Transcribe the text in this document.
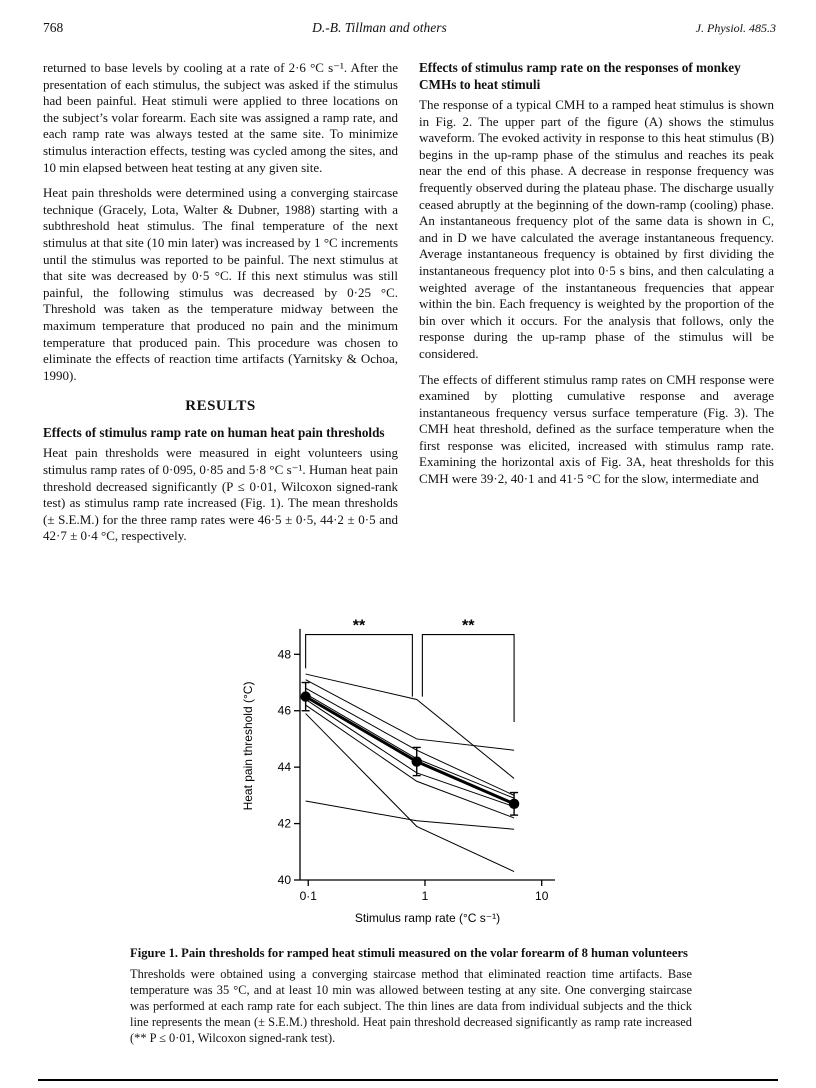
768	D.-B. Tillman and others	J. Physiol. 485.3

returned to base levels by cooling at a rate of 2·6 °C s⁻¹. After the presentation of each stimulus, the subject was asked if the stimulus had been painful. Heat stimuli were applied to three locations on the subject’s volar forearm. Each site was assigned a ramp rate, and each ramp rate was always tested at the same site. To minimize stimulus interaction effects, testing was cycled among the sites, and 10 min elapsed between heat testing at any given site.

Heat pain thresholds were determined using a converging staircase technique (Gracely, Lota, Walter & Dubner, 1988) starting with a subthreshold heat stimulus. The final temperature of the next stimulus at that site (10 min later) was increased by 1 °C increments until the stimulus was reported to be painful. The next stimulus at that site was decreased by 0·5 °C. If this next stimulus was still painful, the following stimulus was decreased by 0·25 °C. Threshold was taken as the temperature midway between the maximum temperature that produced no pain and the minimum temperature that produced pain. This procedure was chosen to eliminate the effects of reaction time artifacts (Yarnitsky & Ochoa, 1990).

RESULTS
Effects of stimulus ramp rate on human heat pain thresholds

Heat pain thresholds were measured in eight volunteers using stimulus ramp rates of 0·095, 0·85 and 5·8 °C s⁻¹. Human heat pain threshold decreased significantly (P ≤ 0·01, Wilcoxon signed-rank test) as stimulus ramp rate increased (Fig. 1). The mean thresholds (± S.E.M.) for the three ramp rates were 46·5 ± 0·5, 44·2 ± 0·5 and 42·7 ± 0·4 °C, respectively.

Effects of stimulus ramp rate on the responses of monkey CMHs to heat stimuli

The response of a typical CMH to a ramped heat stimulus is shown in Fig. 2. The upper part of the figure (A) shows the stimulus waveform. The evoked activity in response to this heat stimulus (B) begins in the up-ramp phase of the stimulus and reaches its peak near the end of this phase. A decrease in response frequency was frequently observed during the plateau phase. The discharge usually ceased abruptly at the beginning of the down-ramp (cooling) phase. An instantaneous frequency plot of the same data is shown in C, and in D we have calculated the average instantaneous frequency. Average instantaneous frequency is obtained by first dividing the instantaneous frequency plot into 0·5 s bins, and then calculating a weighted average of the instantaneous frequencies that appear within the bin. Each frequency is weighted by the proportion of the bin over which it occurs. For the analysis that follows, only the response during the up-ramp phase of the stimulus will be considered.

The effects of different stimulus ramp rates on CMH response were examined by plotting cumulative response and average instantaneous frequency versus surface temperature (Fig. 3). The CMH heat threshold, defined as the surface temperature when the first response was elicited, increased with stimulus ramp rate. Examining the horizontal axis of Fig. 3A, heat thresholds for this CMH were 39·2, 40·1 and 41·5 °C for the slow, intermediate and

40
42
44
46
48
0·1	1	10
Stimulus ramp rate (°C s⁻¹)
Heat pain threshold (°C)
**	**
Figure 1. Pain thresholds for ramped heat stimuli measured on the volar forearm of 8 human volunteers
Thresholds were obtained using a converging staircase method that eliminated reaction time artifacts. Base temperature was 35 °C, and at least 10 min was allowed between testing at any site. One converging staircase was performed at each ramp rate for each subject. The thin lines are data from individual subjects and the thick line represents the mean (± S.E.M.) threshold. Heat pain threshold decreased significantly as ramp rate increased (** P ≤ 0·01, Wilcoxon signed-rank test).
